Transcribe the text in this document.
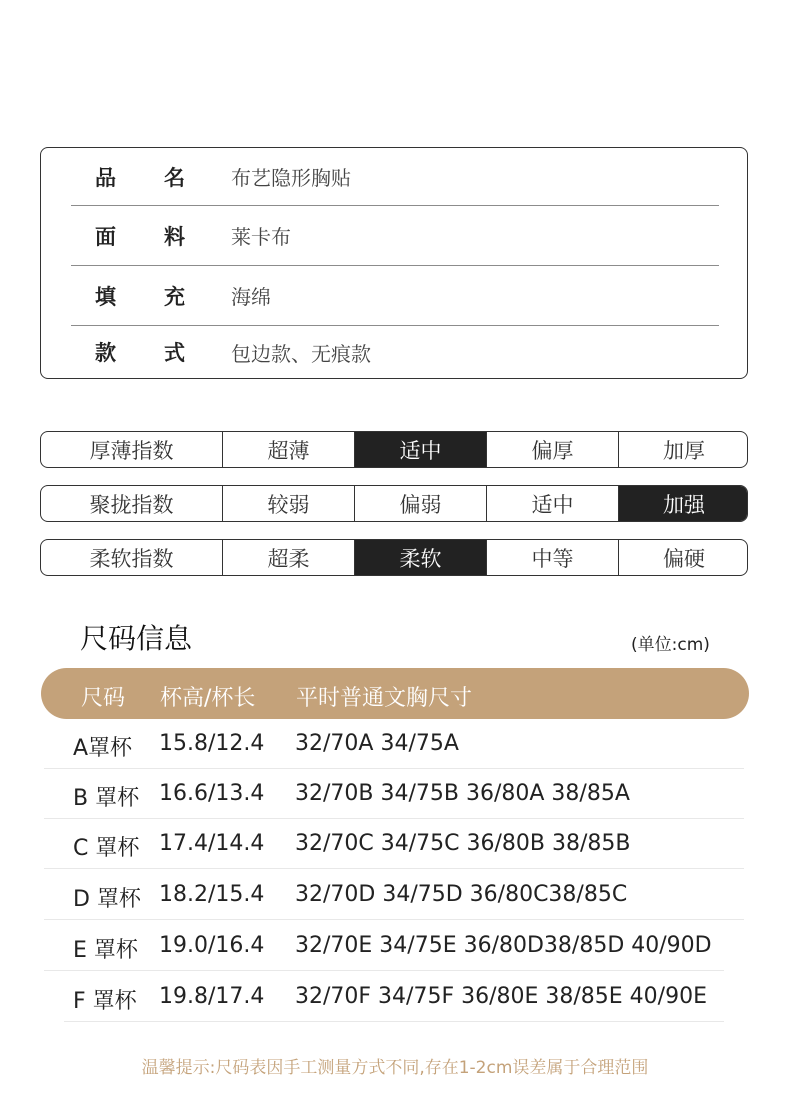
品 名 布艺隐形胸贴
面 料 莱卡布
填 充 海绵
款 式 包边款、无痕款
厚薄指数	超薄	适中	偏厚	加厚
聚拢指数	较弱	偏弱	适中	加强
柔软指数	超柔	柔软	中等	偏硬
尺码信息	(单位:cm)
尺码 杯高/杯长 平时普通文胸尺寸
A罩杯 15.8/12.4 32/70A 34/75A
B 罩杯 16.6/13.4 32/70B 34/75B 36/80A 38/85A
C 罩杯 17.4/14.4 32/70C 34/75C 36/80B 38/85B
D 罩杯 18.2/15.4 32/70D 34/75D 36/80C38/85C
E 罩杯 19.0/16.4 32/70E 34/75E 36/80D38/85D 40/90D
F 罩杯 19.8/17.4 32/70F 34/75F 36/80E 38/85E 40/90E
温馨提示:尺码表因手工测量方式不同,存在1-2cm误差属于合理范围
